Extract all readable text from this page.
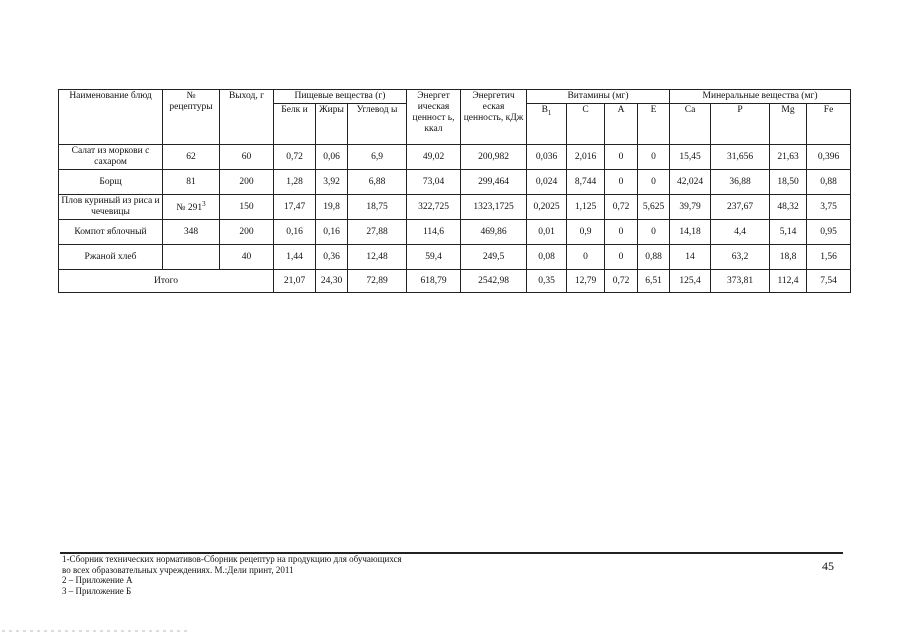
Наименование блюд	№ рецептуры	Выход, г	Пищевые вещества (г)			Энергет ическая ценност ь, ккал	Энергетич еская ценность, кДж	Витамины (мг)				Минеральные вещества (мг)			
			Белк и	Жиры	Углевод ы			$В_1$	С	А	Е	Са	Р	Mg	Fe
Салат из моркови с сахаром	62	60	0,72	0,06	6,9	49,02	200,982	0,036	2,016	0	0	15,45	31,656	21,63	0,396
Борщ	81	200	1,28	3,92	6,88	73,04	299,464	0,024	8,744	0	0	42,024	36,88	18,50	0,88
Плов куриный из риса и чечевицы	№ $291^3$	150	17,47	19,8	18,75	322,725	1323,1725	0,2025	1,125	0,72	5,625	39,79	237,67	48,32	3,75
Компот яблочный	348	200	0,16	0,16	27,88	114,6	469,86	0,01	0,9	0	0	14,18	4,4	5,14	0,95
Ржаной хлеб		40	1,44	0,36	12,48	59,4	249,5	0,08	0	0	0,88	14	63,2	18,8	1,56
Итого			21,07	24,30	72,89	618,79	2542,98	0,35	12,79	0,72	6,51	125,4	373,81	112,4	7,54
1-Сборник технических нормативов-Сборник рецептур на продукцию для обучающихся
во всех образовательных учреждениях. М.:Дели принт, 2011
2 – Приложение А
3 – Приложение Б
45
